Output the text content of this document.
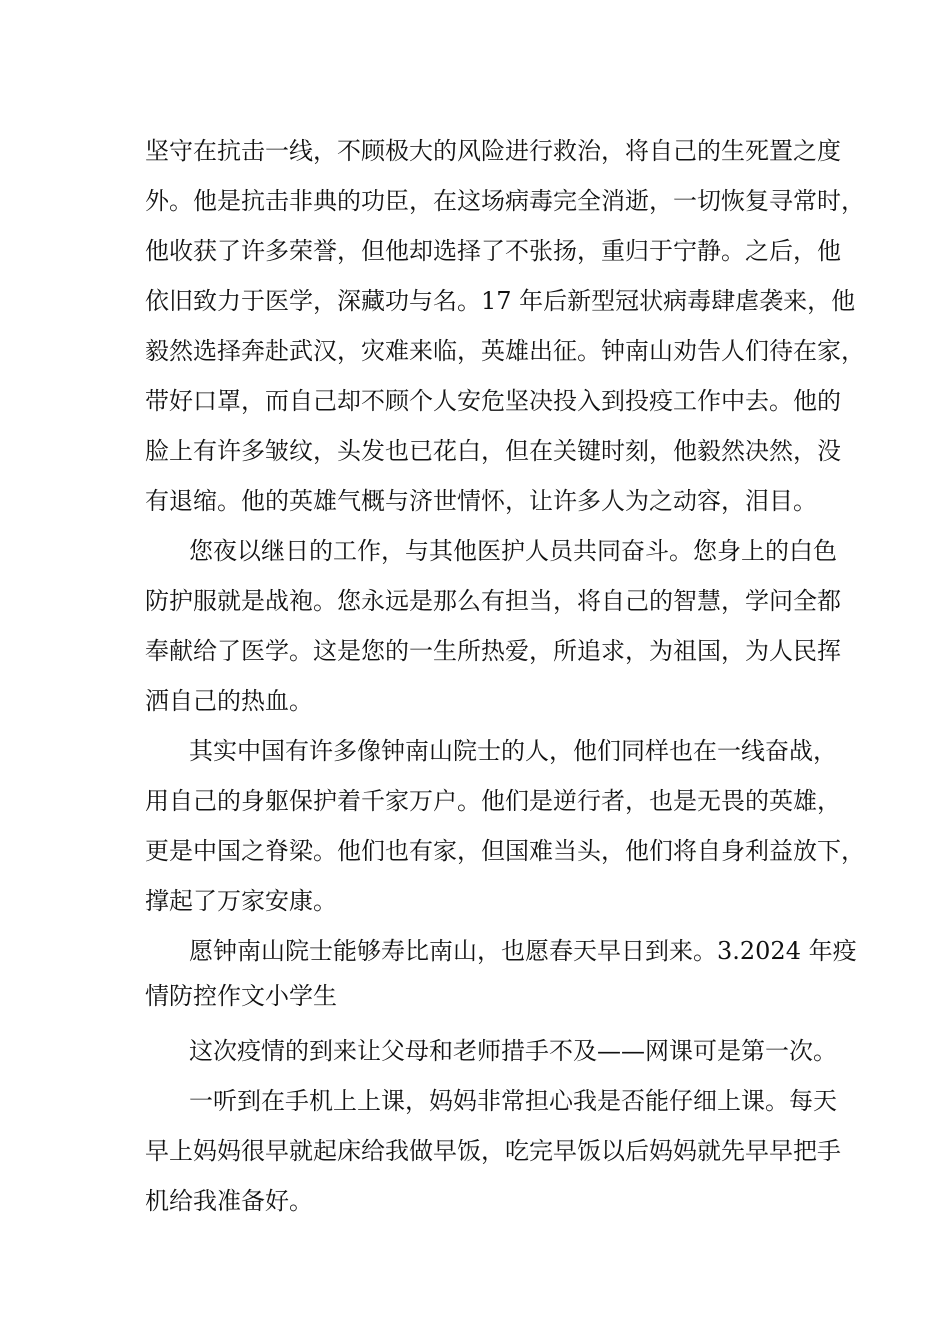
坚守在抗击一线，不顾极大的风险进行救治，将自己的生死置之度
外。他是抗击非典的功臣，在这场病毒完全消逝，一切恢复寻常时，
他收获了许多荣誉，但他却选择了不张扬，重归于宁静。之后，他
依旧致力于医学，深藏功与名。17 年后新型冠状病毒肆虐袭来，他
毅然选择奔赴武汉，灾难来临，英雄出征。钟南山劝告人们待在家，
带好口罩，而自己却不顾个人安危坚决投入到投疫工作中去。他的
脸上有许多皱纹，头发也已花白，但在关键时刻，他毅然决然，没
有退缩。他的英雄气概与济世情怀，让许多人为之动容，泪目。

您夜以继日的工作，与其他医护人员共同奋斗。您身上的白色
防护服就是战袍。您永远是那么有担当，将自己的智慧，学问全都
奉献给了医学。这是您的一生所热爱，所追求，为祖国，为人民挥
洒自己的热血。

其实中国有许多像钟南山院士的人，他们同样也在一线奋战，
用自己的身躯保护着千家万户。他们是逆行者，也是无畏的英雄，
更是中国之脊梁。他们也有家，但国难当头，他们将自身利益放下，
撑起了万家安康。

愿钟南山院士能够寿比南山，也愿春天早日到来。3.2024 年疫
情防控作文小学生

这次疫情的到来让父母和老师措手不及——网课可是第一次。

一听到在手机上上课，妈妈非常担心我是否能仔细上课。每天
早上妈妈很早就起床给我做早饭，吃完早饭以后妈妈就先早早把手
机给我准备好。
